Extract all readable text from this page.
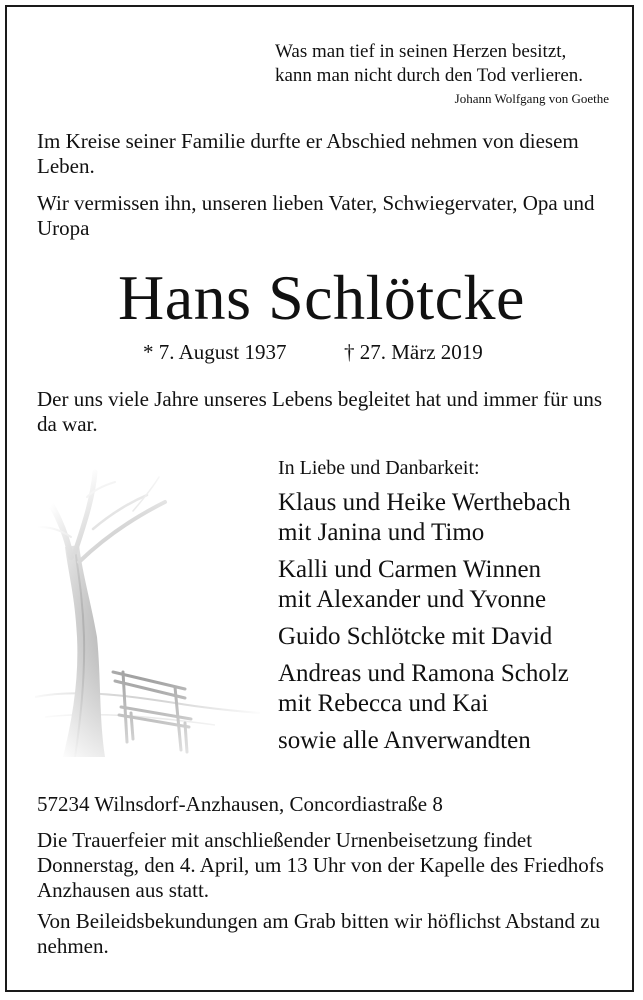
Was man tief in seinen Herzen besitzt,
kann man nicht durch den Tod verlieren.
Johann Wolfgang von Goethe
Im Kreise seiner Familie durfte er Abschied nehmen von diesem Leben.
Wir vermissen ihn, unseren lieben Vater, Schwiegervater, Opa und Uropa
Hans Schlötcke
* 7. August 1937	† 27. März 2019
Der uns viele Jahre unseres Lebens begleitet hat und immer für uns da war.
In Liebe und Danbarkeit:
Klaus und Heike Werthebach
mit Janina und Timo
Kalli und Carmen Winnen
mit Alexander und Yvonne
Guido Schlötcke mit David
Andreas und Ramona Scholz
mit Rebecca und Kai
sowie alle Anverwandten
57234 Wilnsdorf-Anzhausen, Concordiastraße 8
Die Trauerfeier mit anschließender Urnenbeisetzung findet Donnerstag, den 4. April, um 13 Uhr von der Kapelle des Friedhofs Anzhausen aus statt.
Von Beileidsbekundungen am Grab bitten wir höflichst Abstand zu nehmen.
